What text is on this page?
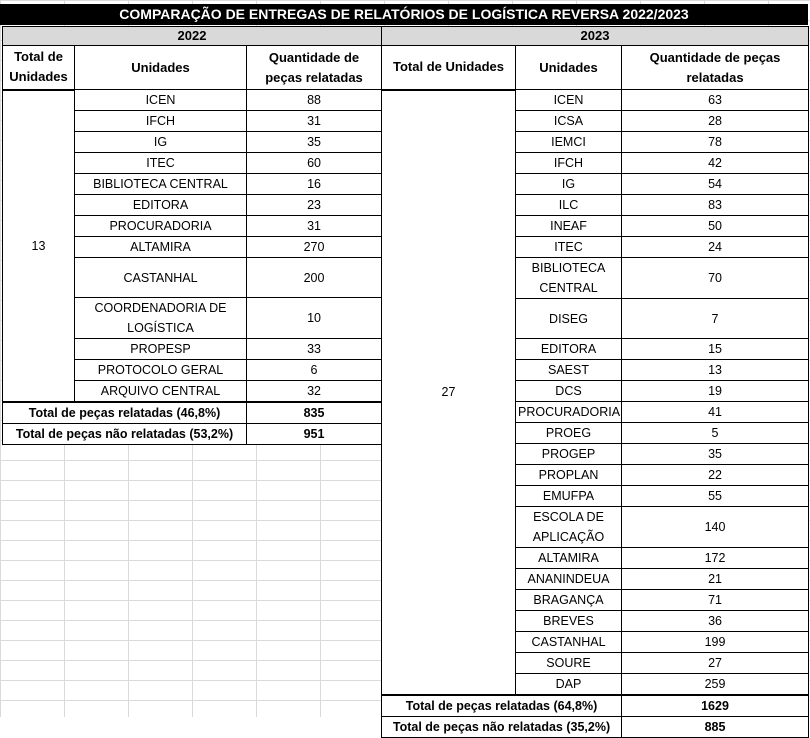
COMPARAÇÃO DE ENTREGAS DE RELATÓRIOS DE LOGÍSTICA REVERSA 2022/2023
2022		
Total de Unidades	Unidades	Quantidade de peças relatadas
13	ICEN	88
	IFCH	31
	IG	35
	ITEC	60
	BIBLIOTECA CENTRAL	16
	EDITORA	23
	PROCURADORIA	31
	ALTAMIRA	270
	CASTANHAL	200
	COORDENADORIA DE LOGÍSTICA	10
	PROPESP	33
	PROTOCOLO GERAL	6
	ARQUIVO CENTRAL	32
Total de peças relatadas (46,8%)		835
Total de peças não relatadas (53,2%)		951
2023		
Total de Unidades	Unidades	Quantidade de peças relatadas
27	ICEN	63
	ICSA	28
	IEMCI	78
	IFCH	42
	IG	54
	ILC	83
	INEAF	50
	ITEC	24
	BIBLIOTECA CENTRAL	70
	DISEG	7
	EDITORA	15
	SAEST	13
	DCS	19
	PROCURADORIA	41
	PROEG	5
	PROGEP	35
	PROPLAN	22
	EMUFPA	55
	ESCOLA DE APLICAÇÃO	140
	ALTAMIRA	172
	ANANINDEUA	21
	BRAGANÇA	71
	BREVES	36
	CASTANHAL	199
	SOURE	27
	DAP	259
Total de peças relatadas (64,8%)		1629
Total de peças não relatadas (35,2%)		885
